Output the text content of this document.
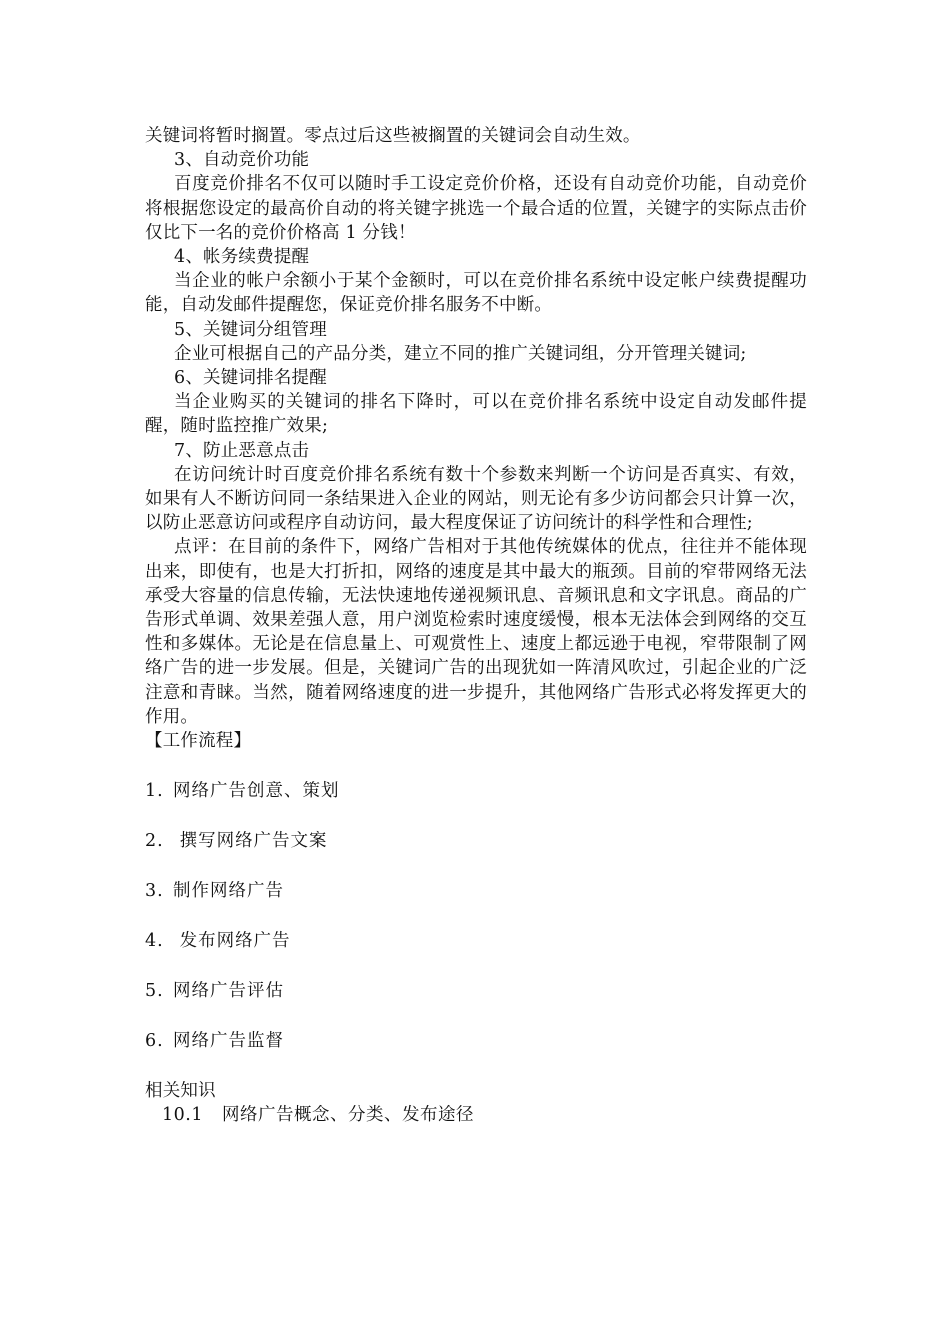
关键词将暂时搁置。零点过后这些被搁置的关键词会自动生效。

3、自动竞价功能

百度竞价排名不仅可以随时手工设定竞价价格，还设有自动竞价功能，自动竞价将根据您设定的最高价自动的将关键字挑选一个最合适的位置，关键字的实际点击价仅比下一名的竞价价格高 1 分钱！

4、帐务续费提醒

当企业的帐户余额小于某个金额时，可以在竞价排名系统中设定帐户续费提醒功能，自动发邮件提醒您，保证竞价排名服务不中断。

5、关键词分组管理

企业可根据自己的产品分类，建立不同的推广关键词组，分开管理关键词;

6、关键词排名提醒

当企业购买的关键词的排名下降时，可以在竞价排名系统中设定自动发邮件提醒，随时监控推广效果;

7、防止恶意点击

在访问统计时百度竞价排名系统有数十个参数来判断一个访问是否真实、有效，如果有人不断访问同一条结果进入企业的网站，则无论有多少访问都会只计算一次，以防止恶意访问或程序自动访问，最大程度保证了访问统计的科学性和合理性;

点评：在目前的条件下，网络广告相对于其他传统媒体的优点，往往并不能体现出来，即使有，也是大打折扣，网络的速度是其中最大的瓶颈。目前的窄带网络无法承受大容量的信息传输，无法快速地传递视频讯息、音频讯息和文字讯息。商品的广告形式单调、效果差强人意，用户浏览检索时速度缓慢，根本无法体会到网络的交互性和多媒体。无论是在信息量上、可观赏性上、速度上都远逊于电视，窄带限制了网络广告的进一步发展。但是，关键词广告的出现犹如一阵清风吹过，引起企业的广泛注意和青睐。当然，随着网络速度的进一步提升，其他网络广告形式必将发挥更大的作用。

【工作流程】

1. 网络广告创意、策划
2. 撰写网络广告文案
3. 制作网络广告
4. 发布网络广告
5. 网络广告评估
6. 网络广告监督

相关知识

10.1 网络广告概念、分类、发布途径
